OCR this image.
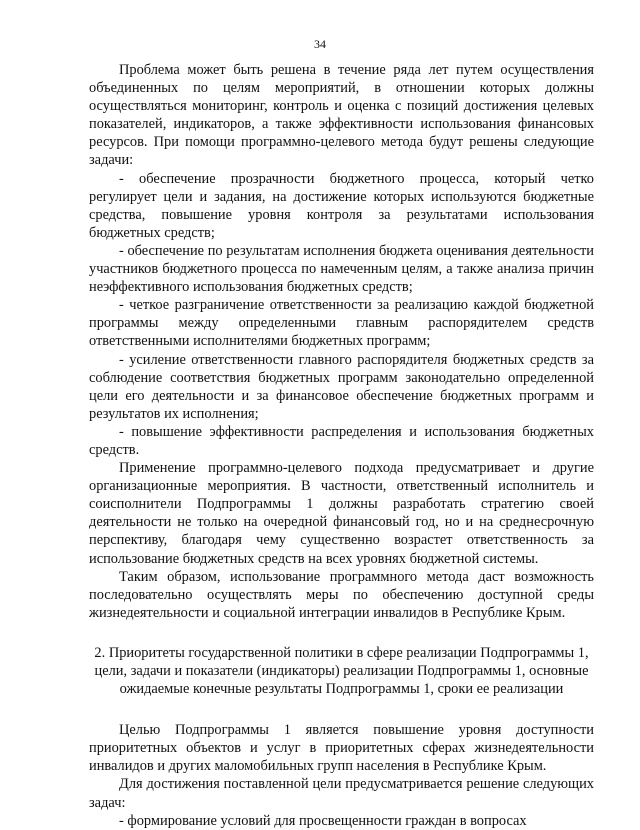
34

Проблема может быть решена в течение ряда лет путем осуществления объединенных по целям мероприятий, в отношении которых должны осуществляться мониторинг, контроль и оценка с позиций достижения целевых показателей, индикаторов, а также эффективности использования финансовых ресурсов. При помощи программно-целевого метода будут решены следующие задачи:

- обеспечение прозрачности бюджетного процесса, который четко регулирует цели и задания, на достижение которых используются бюджетные средства, повышение уровня контроля за результатами использования бюджетных средств;

- обеспечение по результатам исполнения бюджета оценивания деятельности участников бюджетного процесса по намеченным целям, а также анализа причин неэффективного использования бюджетных средств;

- четкое разграничение ответственности за реализацию каждой бюджетной программы между определенными главным распорядителем средств ответственными исполнителями бюджетных программ;

- усиление ответственности главного распорядителя бюджетных средств за соблюдение соответствия бюджетных программ законодательно определенной цели его деятельности и за финансовое обеспечение бюджетных программ и результатов их исполнения;

- повышение эффективности распределения и использования бюджетных средств.

Применение программно-целевого подхода предусматривает и другие организационные мероприятия. В частности, ответственный исполнитель и соисполнители Подпрограммы 1 должны разработать стратегию своей деятельности не только на очередной финансовый год, но и на среднесрочную перспективу, благодаря чему существенно возрастет ответственность за использование бюджетных средств на всех уровнях бюджетной системы.

Таким образом, использование программного метода даст возможность последовательно осуществлять меры по обеспечению доступной среды жизнедеятельности и социальной интеграции инвалидов в Республике Крым.

2. Приоритеты государственной политики в сфере реализации Подпрограммы 1, цели, задачи и показатели (индикаторы) реализации Подпрограммы 1, основные ожидаемые конечные результаты Подпрограммы 1, сроки ее реализации

Целью Подпрограммы 1 является повышение уровня доступности приоритетных объектов и услуг в приоритетных сферах жизнедеятельности инвалидов и других маломобильных групп населения в Республике Крым.

Для достижения поставленной цели предусматривается решение следующих задач:

- формирование условий для просвещенности граждан в вопросах
